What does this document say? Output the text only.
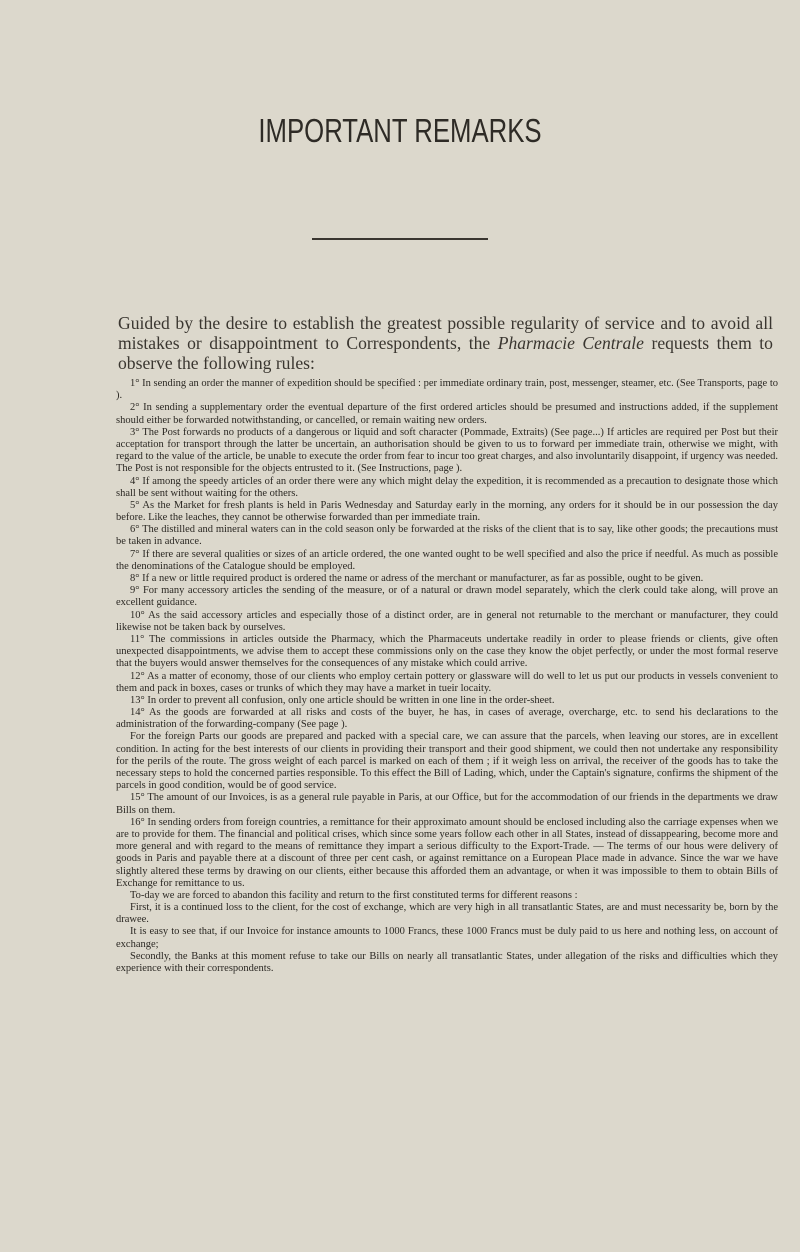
IMPORTANT REMARKS

Guided by the desire to establish the greatest possible regularity of service and to avoid all mistakes or disappointment to Correspondents, the Pharmacie Centrale requests them to observe the following rules:

1° In sending an order the manner of expedition should be specified : per immediate ordinary train, post, messenger, steamer, etc. (See Transports, page to ).

2° In sending a supplementary order the eventual departure of the first ordered articles should be presumed and instructions added, if the supplement should either be forwarded notwithstanding, or cancelled, or remain waiting new orders.

3° The Post forwards no products of a dangerous or liquid and soft character (Pommade, Extraits) (See page...) If articles are required per Post but their acceptation for transport through the latter be uncertain, an authorisation should be given to us to forward per immediate train, otherwise we might, with regard to the value of the article, be unable to execute the order from fear to incur too great charges, and also involuntarily disappoint, if urgency was needed. The Post is not responsible for the objects entrusted to it. (See Instructions, page ).

4° If among the speedy articles of an order there were any which might delay the expedition, it is recommended as a precaution to designate those which shall be sent without waiting for the others.

5° As the Market for fresh plants is held in Paris Wednesday and Saturday early in the morning, any orders for it should be in our possession the day before. Like the leaches, they cannot be otherwise forwarded than per immediate train.

6° The distilled and mineral waters can in the cold season only be forwarded at the risks of the client that is to say, like other goods; the precautions must be taken in advance.

7° If there are several qualities or sizes of an article ordered, the one wanted ought to be well specified and also the price if needful. As much as possible the denominations of the Catalogue should be employed.

8° If a new or little required product is ordered the name or adress of the merchant or manufacturer, as far as possible, ought to be given.

9° For many accessory articles the sending of the measure, or of a natural or drawn model separately, which the clerk could take along, will prove an excellent guidance.

10° As the said accessory articles and especially those of a distinct order, are in general not returnable to the merchant or manufacturer, they could likewise not be taken back by ourselves.

11° The commissions in articles outside the Pharmacy, which the Pharmaceuts undertake readily in order to please friends or clients, give often unexpected disappointments, we advise them to accept these commissions only on the case they know the objet perfectly, or under the most formal reserve that the buyers would answer themselves for the consequences of any mistake which could arrive.

12° As a matter of economy, those of our clients who employ certain pottery or glassware will do well to let us put our products in vessels convenient to them and pack in boxes, cases or trunks of which they may have a market in tueir locaity.

13° In order to prevent all confusion, only one article should be written in one line in the order-sheet.

14° As the goods are forwarded at all risks and costs of the buyer, he has, in cases of average, overcharge, etc. to send his declarations to the administration of the forwarding-company (See page ).

For the foreign Parts our goods are prepared and packed with a special care, we can assure that the parcels, when leaving our stores, are in excellent condition. In acting for the best interests of our clients in providing their transport and their good shipment, we could then not undertake any responsibility for the perils of the route. The gross weight of each parcel is marked on each of them ; if it weigh less on arrival, the receiver of the goods has to take the necessary steps to hold the concerned parties responsible. To this effect the Bill of Lading, which, under the Captain's signature, confirms the shipment of the parcels in good condition, would be of good service.

15° The amount of our Invoices, is as a general rule payable in Paris, at our Office, but for the accommodation of our friends in the departments we draw Bills on them.

16° In sending orders from foreign countries, a remittance for their approximato amount should be enclosed including also the carriage expenses when we are to provide for them. The financial and political crises, which since some years follow each other in all States, instead of dissappearing, become more and more general and with regard to the means of remittance they impart a serious difficulty to the Export-Trade. — The terms of our hous were delivery of goods in Paris and payable there at a discount of three per cent cash, or against remittance on a European Place made in advance. Since the war we have slightly altered these terms by drawing on our clients, either because this afforded them an advantage, or when it was impossible to them to obtain Bills of Exchange for remittance to us.

To-day we are forced to abandon this facility and return to the first constituted terms for different reasons :

First, it is a continued loss to the client, for the cost of exchange, which are very high in all transatlantic States, are and must necessarity be, born by the drawee.

It is easy to see that, if our Invoice for instance amounts to 1000 Francs, these 1000 Francs must be duly paid to us here and nothing less, on account of exchange;

Secondly, the Banks at this moment refuse to take our Bills on nearly all transatlantic States, under allegation of the risks and difficulties which they experience with their correspondents.
